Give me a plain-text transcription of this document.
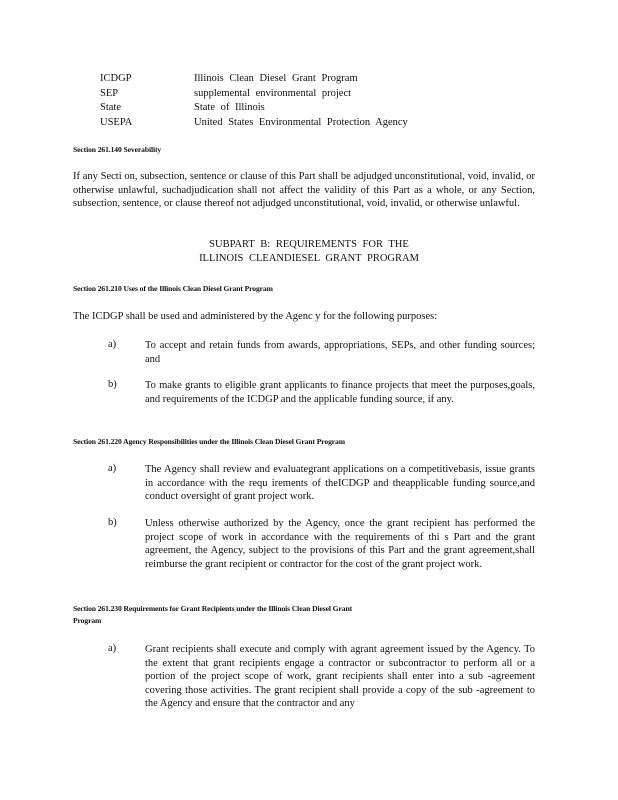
ICDGP	Illinois Clean Diesel Grant Program
SEP	supplemental environmental project
State	State of Illinois
USEPA	United States Environmental Protection Agency
Section 261.140 Severability
If any Secti on, subsection, sentence or clause of this Part shall be adjudged unconstitutional, void, invalid, or otherwise unlawful, suchadjudication shall not affect the validity of this Part as a whole, or any Section, subsection, sentence, or clause thereof not adjudged unconstitutional, void, invalid, or otherwise unlawful.
SUBPART B: REQUIREMENTS FOR THE
ILLINOIS CLEANDIESEL GRANT PROGRAM
Section 261.210 Uses of the Illinois Clean Diesel Grant Program
The ICDGP shall be used and administered by the Agenc y for the following purposes:
a)	To accept and retain funds from awards, appropriations, SEPs, and other funding sources; and
b)	To make grants to eligible grant applicants to finance projects that meet the purposes,goals, and requirements of the ICDGP and the applicable funding source, if any.
Section 261.220 Agency Responsibilities under the Illinois Clean Diesel Grant Program
a)	The Agency shall review and evaluategrant applications on a competitivebasis, issue grants in accordance with the requ irements of theICDGP and theapplicable funding source,and conduct oversight of grant project work.
b)	Unless otherwise authorized by the Agency, once the grant recipient has performed the project scope of work in accordance with the requirements of thi s Part and the grant agreement, the Agency, subject to the provisions of this Part and the grant agreement,shall reimburse the grant recipient or contractor for the cost of the grant project work.
Section 261.230 Requirements for Grant Recipients under the Illinois Clean Diesel Grant
Program
a)	Grant recipients shall execute and comply with agrant agreement issued by the Agency. To the extent that grant recipients engage a contractor or subcontractor to perform all or a portion of the project scope of work, grant recipients shall enter into a sub -agreement covering those activities. The grant recipient shall provide a copy of the sub -agreement to the Agency and ensure that the contractor and any
